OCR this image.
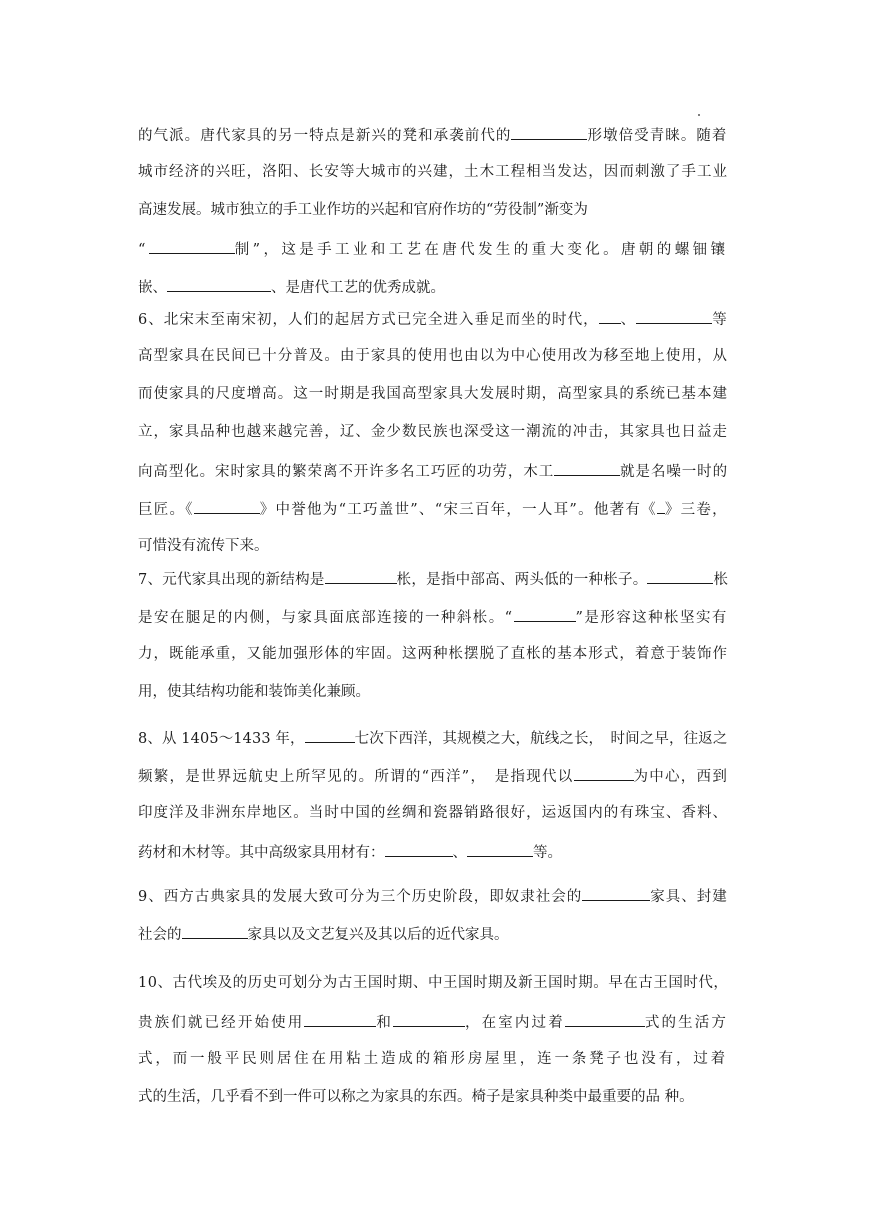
的气派。唐代家具的另一特点是新兴的凳和承袭前代的	形墩倍受青睐。随着
城市经济的兴旺，洛阳、长安等大城市的兴建，土木工程相当发达，因而刺激了手工业
高速发展。城市独立的手工业作坊的兴起和官府作坊的“劳役制”渐变为
“	制”，这是手工业和工艺在唐代发生的重大变化。唐朝的螺钿镶
嵌、	、是唐代工艺的优秀成就。
6、北宋末至南宋初，人们的起居方式已完全进入垂足而坐的时代， 、	等
高型家具在民间已十分普及。由于家具的使用也由以为中心使用改为移至地上使用，从
而使家具的尺度增高。这一时期是我国高型家具大发展时期，高型家具的系统已基本建
立，家具品种也越来越完善，辽、金少数民族也深受这一潮流的冲击，其家具也日益走
向高型化。宋时家具的繁荣离不开许多名工巧匠的功劳，木工	就是名噪一时的
巨匠。《	》中誉他为“工巧盖世”、“宋三百年，一人耳”。他著有《 》三卷，
可惜没有流传下来。
7、元代家具出现的新结构是	枨，是指中部高、两头低的一种枨子。	枨
是安在腿足的内侧，与家具面底部连接的一种斜枨。“	”是形容这种枨坚实有
力，既能承重，又能加强形体的牢固。这两种枨摆脱了直枨的基本形式，着意于装饰作
用，使其结构功能和装饰美化兼顾。
8、从 1405～1433 年，	七次下西洋，其规模之大，航线之长，　时间之早，往返之
频繁，是世界远航史上所罕见的。所谓的“西洋”，　是指现代以	为中心，西到
印度洋及非洲东岸地区。当时中国的丝绸和瓷器销路很好，运返国内的有珠宝、香料、
药材和木材等。其中高级家具用材有：	、	等。
9、西方古典家具的发展大致可分为三个历史阶段，即奴隶社会的	家具、封建
社会的	家具以及文艺复兴及其以后的近代家具。
10、古代埃及的历史可划分为古王国时期、中王国时期及新王国时期。早在古王国时代，
贵族们就已经开始使用	和	，在室内过着	式的生活方
式，而一般平民则居住在用粘土造成的箱形房屋里，连一条凳子也没有，过着
式的生活，几乎看不到一件可以称之为家具的东西。椅子是家具种类中最重要的品 种。
